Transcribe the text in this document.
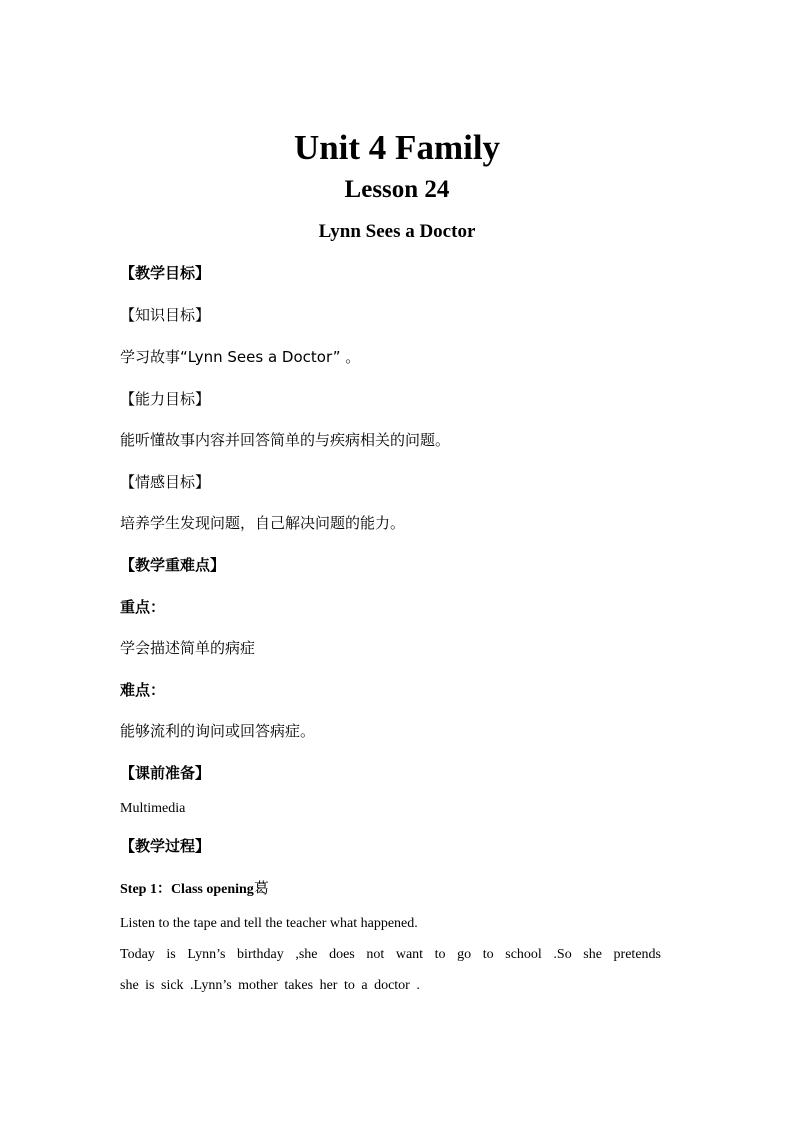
Unit 4 Family
Lesson 24
Lynn Sees a Doctor
【教学目标】
【知识目标】
学习故事“Lynn Sees a Doctor” 。
【能力目标】
能听懂故事内容并回答简单的与疾病相关的问题。
【情感目标】
培养学生发现问题，自己解决问题的能力。
【教学重难点】
重点：
学会描述简单的病症
难点：
能够流利的询问或回答病症。
【课前准备】
Multimedia
【教学过程】
Step 1：Class opening葛
Listen to the tape and tell the teacher what happened.
Today is Lynn’s birthday ,she does not want to go to school .So she pretends
she is sick .Lynn’s mother takes her to a doctor .
